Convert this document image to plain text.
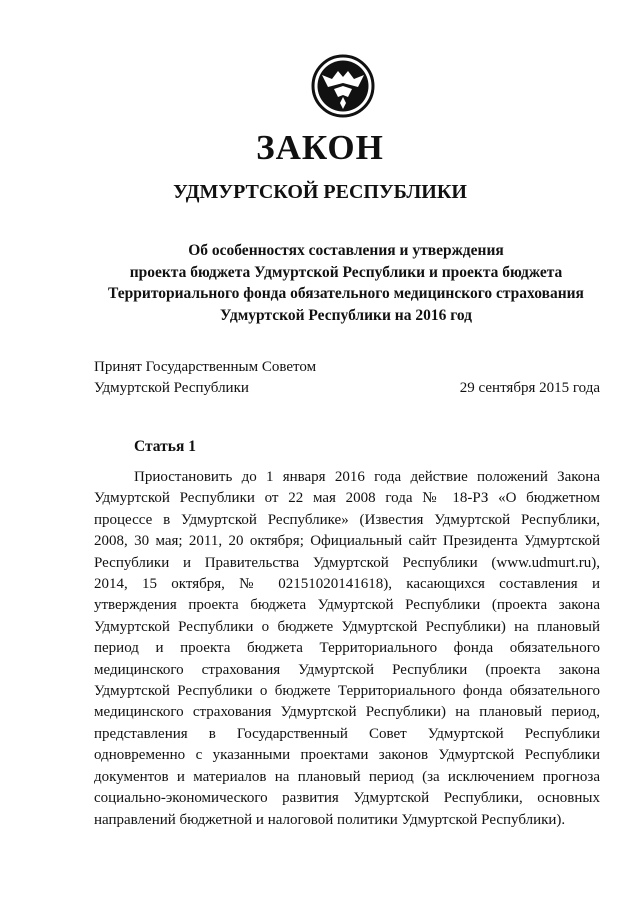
ЗАКОН
УДМУРТСКОЙ РЕСПУБЛИКИ
Об особенностях составления и утверждения
проекта бюджета Удмуртской Республики и проекта бюджета
Территориального фонда обязательного медицинского страхования
Удмуртской Республики на 2016 год
Принят Государственным Советом
Удмуртской Республики	29 сентября 2015 года
Статья 1
Приостановить до 1 января 2016 года действие положений Закона
Удмуртской Республики от 22 мая 2008 года № 18-РЗ «О бюджетном
процессе в Удмуртской Республике» (Известия Удмуртской Республики,
2008, 30 мая; 2011, 20 октября; Официальный сайт Президента Удмуртской
Республики и Правительства Удмуртской Республики (www.udmurt.ru),
2014, 15 октября, № 02151020141618), касающихся составления и
утверждения проекта бюджета Удмуртской Республики (проекта закона
Удмуртской Республики о бюджете Удмуртской Республики) на плановый
период и проекта бюджета Территориального фонда обязательного
медицинского страхования Удмуртской Республики (проекта закона
Удмуртской Республики о бюджете Территориального фонда обязательного
медицинского страхования Удмуртской Республики) на плановый период,
представления в Государственный Совет Удмуртской Республики
одновременно с указанными проектами законов Удмуртской Республики
документов и материалов на плановый период (за исключением прогноза
социально-экономического развития Удмуртской Республики, основных
направлений бюджетной и налоговой политики Удмуртской Республики).
